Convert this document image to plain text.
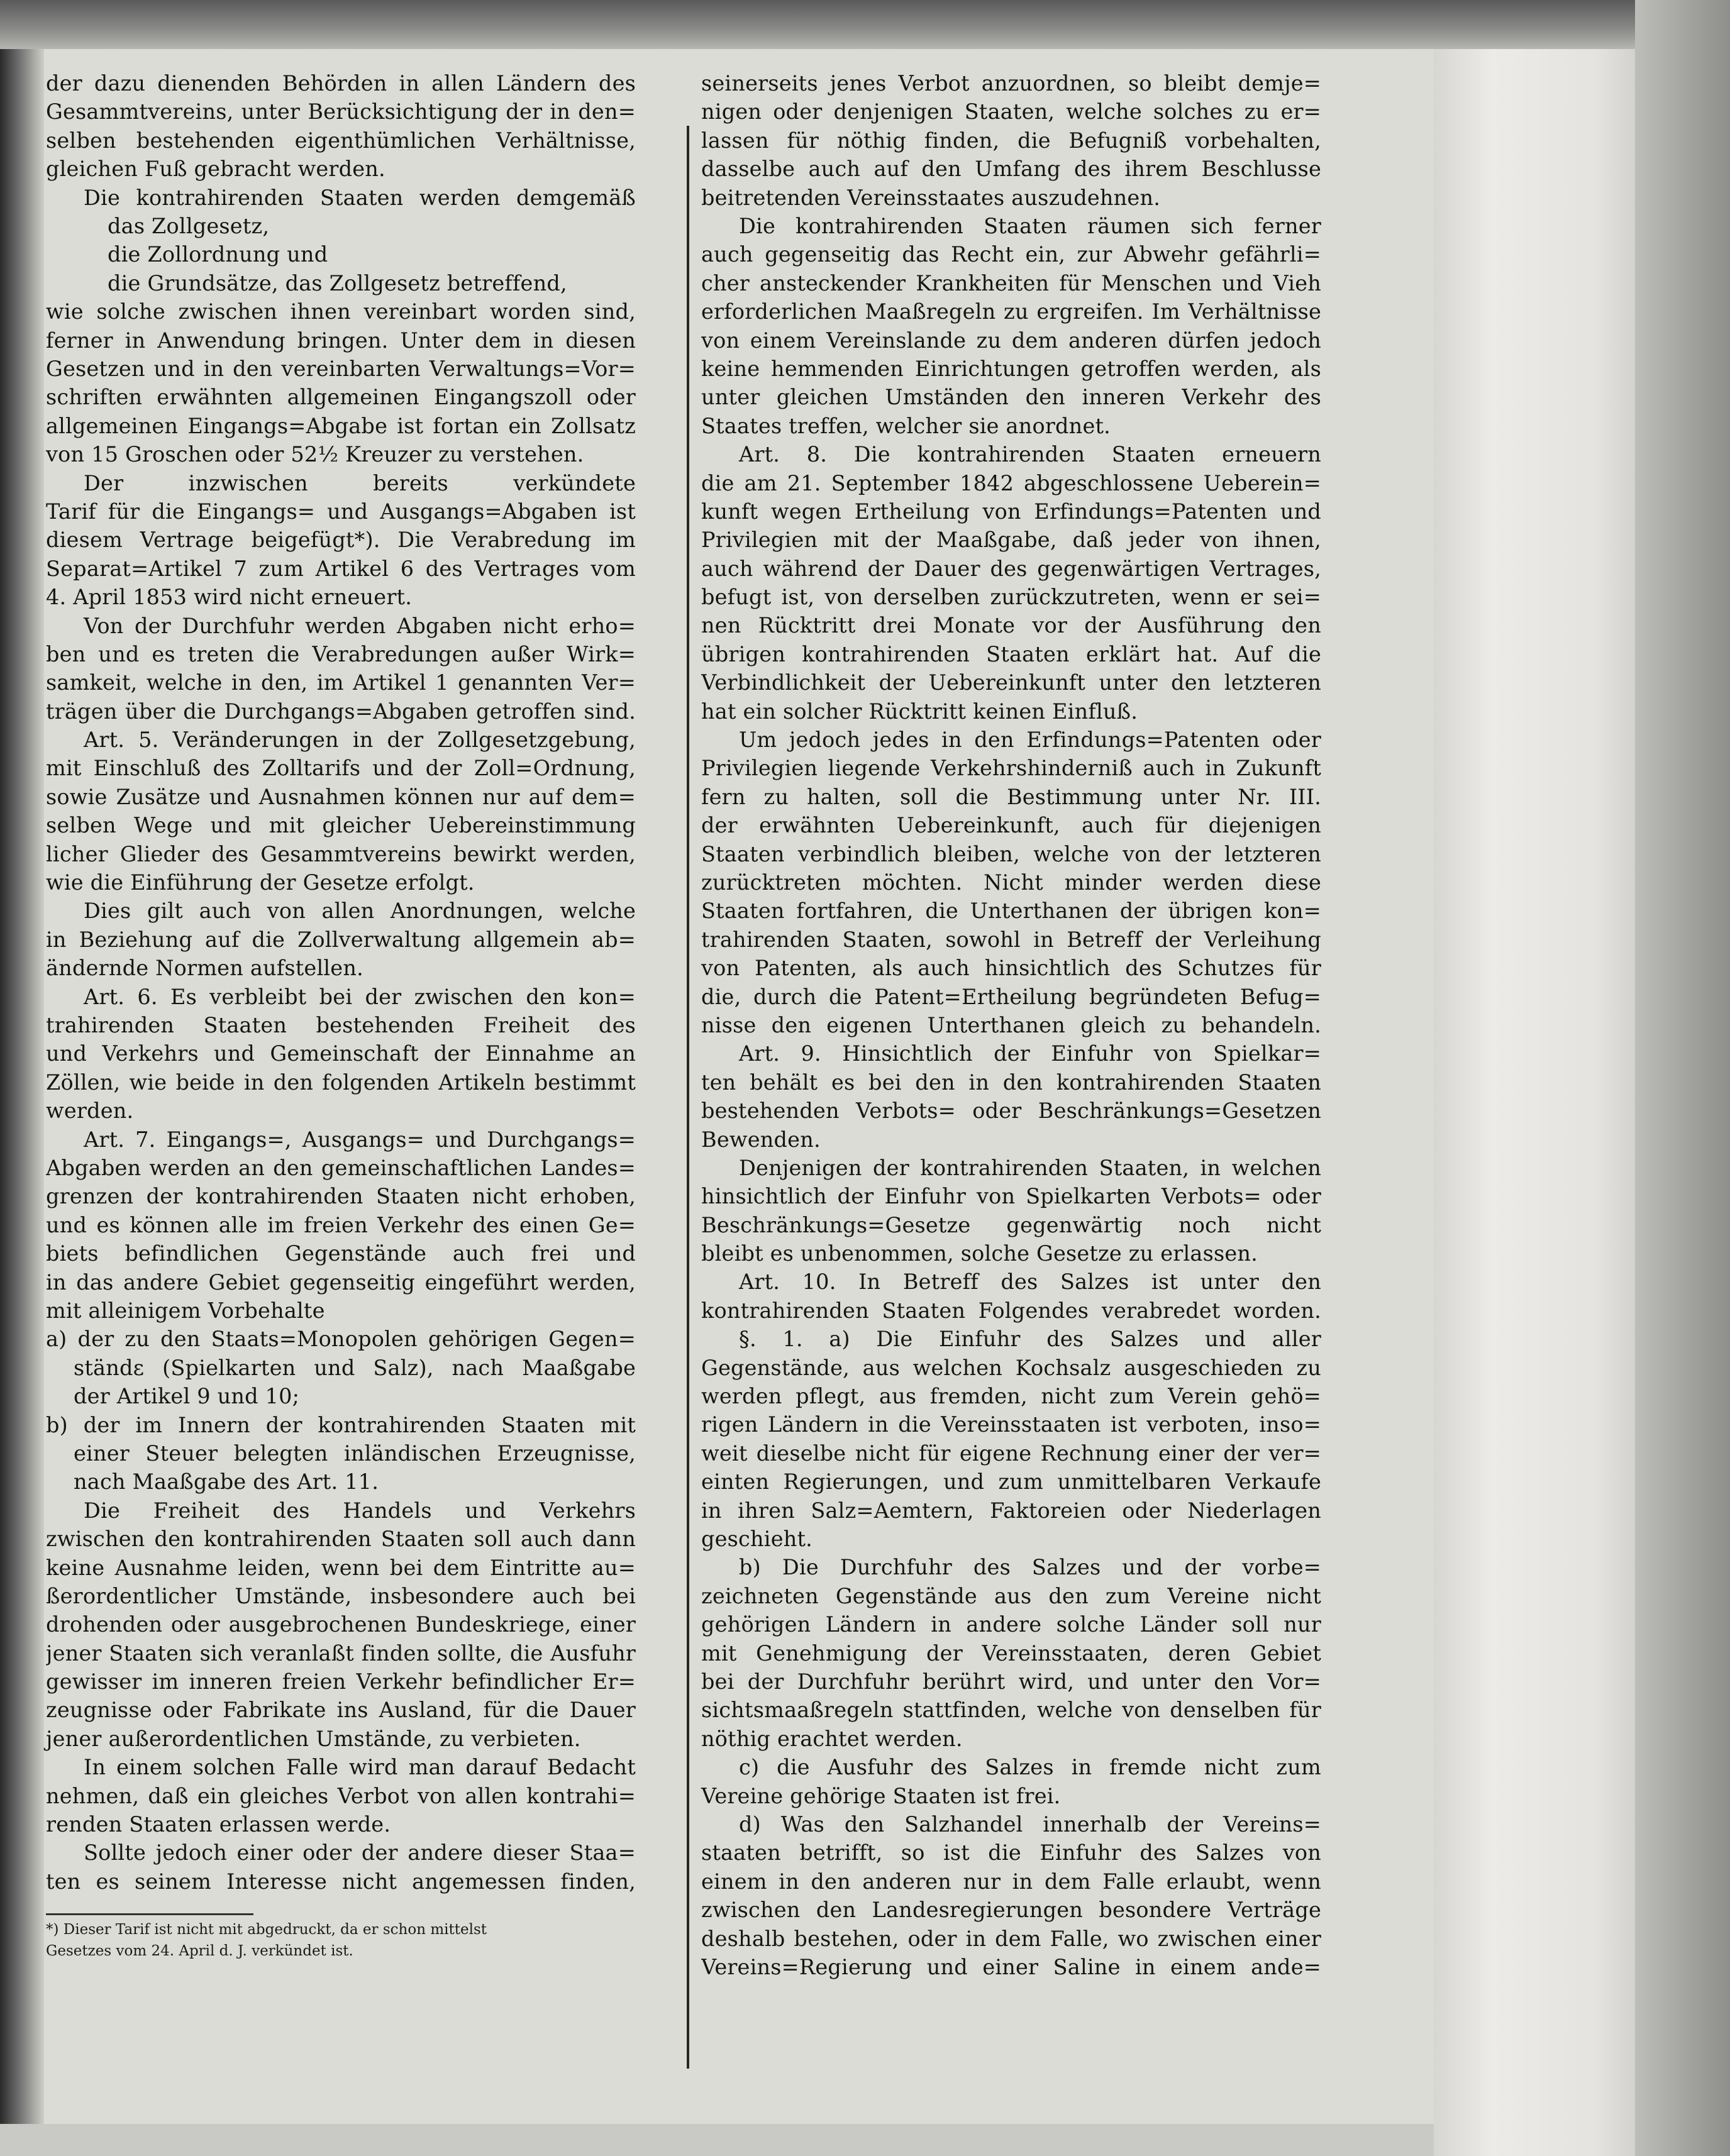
der dazu dienenden Behörden in allen Ländern des
Gesammtvereins, unter Berücksichtigung der in den=
selben bestehenden eigenthümlichen Verhältnisse,
gleichen Fuß gebracht werden.
Die kontrahirenden Staaten werden demgemäß
das Zollgesetz,
die Zollordnung und
die Grundsätze, das Zollgesetz betreffend,
wie solche zwischen ihnen vereinbart worden sind,
ferner in Anwendung bringen. Unter dem in diesen
Gesetzen und in den vereinbarten Verwaltungs=Vor=
schriften erwähnten allgemeinen Eingangszoll oder
allgemeinen Eingangs=Abgabe ist fortan ein Zollsatz
von 15 Groschen oder 52½ Kreuzer zu verstehen.
Der inzwischen bereits verkündete
Tarif für die Eingangs= und Ausgangs=Abgaben ist
diesem Vertrage beigefügt*). Die Verabredung im
Separat=Artikel 7 zum Artikel 6 des Vertrages vom
4. April 1853 wird nicht erneuert.
Von der Durchfuhr werden Abgaben nicht erho=
ben und es treten die Verabredungen außer Wirk=
samkeit, welche in den, im Artikel 1 genannten Ver=
trägen über die Durchgangs=Abgaben getroffen sind.
Art. 5. Veränderungen in der Zollgesetzgebung,
mit Einschluß des Zolltarifs und der Zoll=Ordnung,
sowie Zusätze und Ausnahmen können nur auf dem=
selben Wege und mit gleicher Uebereinstimmung
licher Glieder des Gesammtvereins bewirkt werden,
wie die Einführung der Gesetze erfolgt.
Dies gilt auch von allen Anordnungen, welche
in Beziehung auf die Zollverwaltung allgemein ab=
ändernde Normen aufstellen.
Art. 6. Es verbleibt bei der zwischen den kon=
trahirenden Staaten bestehenden Freiheit des
und Verkehrs und Gemeinschaft der Einnahme an
Zöllen, wie beide in den folgenden Artikeln bestimmt
werden.
Art. 7. Eingangs=, Ausgangs= und Durchgangs=
Abgaben werden an den gemeinschaftlichen Landes=
grenzen der kontrahirenden Staaten nicht erhoben,
und es können alle im freien Verkehr des einen Ge=
biets befindlichen Gegenstände auch frei und
in das andere Gebiet gegenseitig eingeführt werden,
mit alleinigem Vorbehalte
a) der zu den Staats=Monopolen gehörigen Gegen=
ständε (Spielkarten und Salz), nach Maaßgabe
der Artikel 9 und 10;
b) der im Innern der kontrahirenden Staaten mit
einer Steuer belegten inländischen Erzeugnisse,
nach Maaßgabe des Art. 11.
Die Freiheit des Handels und Verkehrs
zwischen den kontrahirenden Staaten soll auch dann
keine Ausnahme leiden, wenn bei dem Eintritte au=
ßerordentlicher Umstände, insbesondere auch bei
drohenden oder ausgebrochenen Bundeskriege, einer
jener Staaten sich veranlaßt finden sollte, die Ausfuhr
gewisser im inneren freien Verkehr befindlicher Er=
zeugnisse oder Fabrikate ins Ausland, für die Dauer
jener außerordentlichen Umstände, zu verbieten.
In einem solchen Falle wird man darauf Bedacht
nehmen, daß ein gleiches Verbot von allen kontrahi=
renden Staaten erlassen werde.
Sollte jedoch einer oder der andere dieser Staa=
ten es seinem Interesse nicht angemessen finden,
seinerseits jenes Verbot anzuordnen, so bleibt demje=
nigen oder denjenigen Staaten, welche solches zu er=
lassen für nöthig finden, die Befugniß vorbehalten,
dasselbe auch auf den Umfang des ihrem Beschlusse
beitretenden Vereinsstaates auszudehnen.
Die kontrahirenden Staaten räumen sich ferner
auch gegenseitig das Recht ein, zur Abwehr gefährli=
cher ansteckender Krankheiten für Menschen und Vieh
erforderlichen Maaßregeln zu ergreifen. Im Verhältnisse
von einem Vereinslande zu dem anderen dürfen jedoch
keine hemmenden Einrichtungen getroffen werden, als
unter gleichen Umständen den inneren Verkehr des
Staates treffen, welcher sie anordnet.
Art. 8. Die kontrahirenden Staaten erneuern
die am 21. September 1842 abgeschlossene Ueberein=
kunft wegen Ertheilung von Erfindungs=Patenten und
Privilegien mit der Maaßgabe, daß jeder von ihnen,
auch während der Dauer des gegenwärtigen Vertrages,
befugt ist, von derselben zurückzutreten, wenn er sei=
nen Rücktritt drei Monate vor der Ausführung den
übrigen kontrahirenden Staaten erklärt hat. Auf die
Verbindlichkeit der Uebereinkunft unter den letzteren
hat ein solcher Rücktritt keinen Einfluß.
Um jedoch jedes in den Erfindungs=Patenten oder
Privilegien liegende Verkehrshinderniß auch in Zukunft
fern zu halten, soll die Bestimmung unter Nr. III.
der erwähnten Uebereinkunft, auch für diejenigen
Staaten verbindlich bleiben, welche von der letzteren
zurücktreten möchten. Nicht minder werden diese
Staaten fortfahren, die Unterthanen der übrigen kon=
trahirenden Staaten, sowohl in Betreff der Verleihung
von Patenten, als auch hinsichtlich des Schutzes für
die, durch die Patent=Ertheilung begründeten Befug=
nisse den eigenen Unterthanen gleich zu behandeln.
Art. 9. Hinsichtlich der Einfuhr von Spielkar=
ten behält es bei den in den kontrahirenden Staaten
bestehenden Verbots= oder Beschränkungs=Gesetzen
Bewenden.
Denjenigen der kontrahirenden Staaten, in welchen
hinsichtlich der Einfuhr von Spielkarten Verbots= oder
Beschränkungs=Gesetze gegenwärtig noch nicht
bleibt es unbenommen, solche Gesetze zu erlassen.
Art. 10. In Betreff des Salzes ist unter den
kontrahirenden Staaten Folgendes verabredet worden.
§. 1. a) Die Einfuhr des Salzes und aller
Gegenstände, aus welchen Kochsalz ausgeschieden zu
werden pflegt, aus fremden, nicht zum Verein gehö=
rigen Ländern in die Vereinsstaaten ist verboten, inso=
weit dieselbe nicht für eigene Rechnung einer der ver=
einten Regierungen, und zum unmittelbaren Verkaufe
in ihren Salz=Aemtern, Faktoreien oder Niederlagen
geschieht.
b) Die Durchfuhr des Salzes und der vorbe=
zeichneten Gegenstände aus den zum Vereine nicht
gehörigen Ländern in andere solche Länder soll nur
mit Genehmigung der Vereinsstaaten, deren Gebiet
bei der Durchfuhr berührt wird, und unter den Vor=
sichtsmaaßregeln stattfinden, welche von denselben für
nöthig erachtet werden.
c) die Ausfuhr des Salzes in fremde nicht zum
Vereine gehörige Staaten ist frei.
d) Was den Salzhandel innerhalb der Vereins=
staaten betrifft, so ist die Einfuhr des Salzes von
einem in den anderen nur in dem Falle erlaubt, wenn
zwischen den Landesregierungen besondere Verträge
deshalb bestehen, oder in dem Falle, wo zwischen einer
Vereins=Regierung und einer Saline in einem ande=
*) Dieser Tarif ist nicht mit abgedruckt, da er schon mittelst
Gesetzes vom 24. April d. J. verkündet ist.
